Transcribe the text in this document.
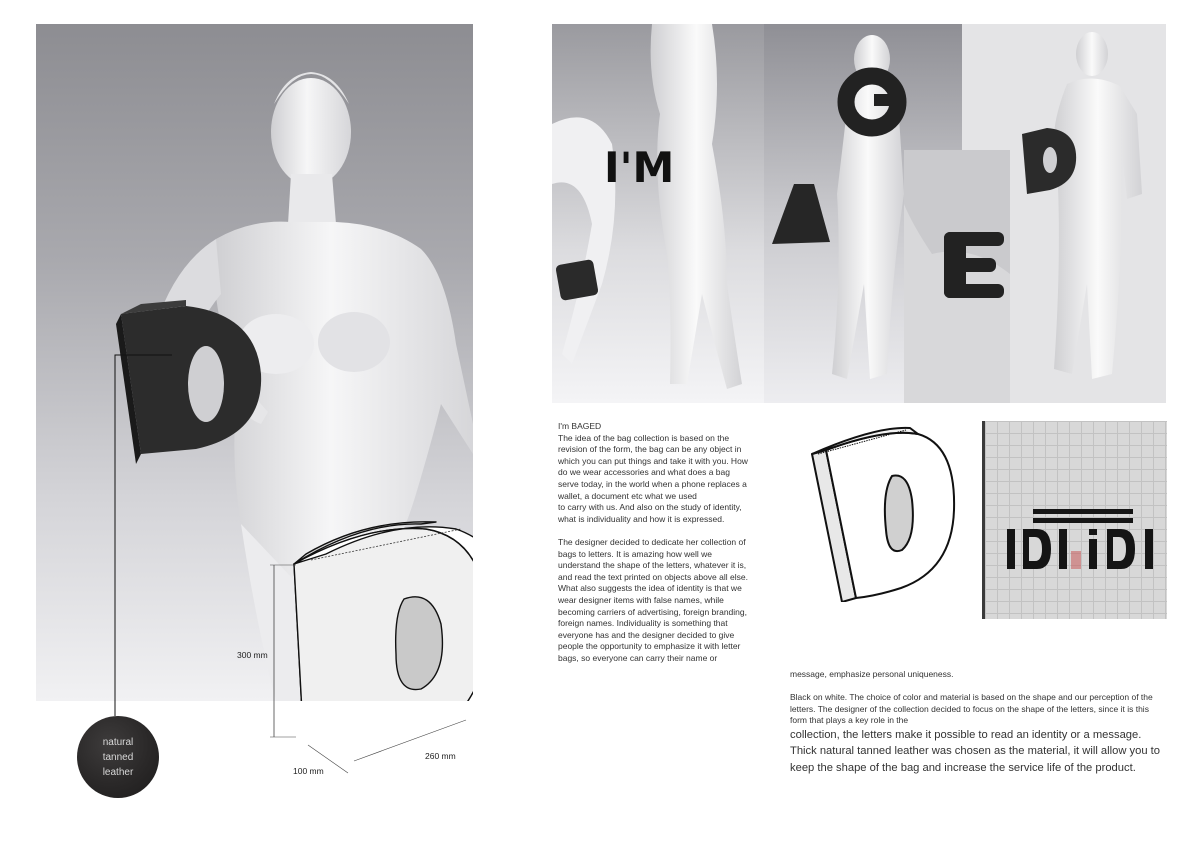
300 mm
100 mm
260 mm
natural
tanned
leather
I'M
I'm BAGED
The idea of the bag collection is based on the revision of the form, the bag can be any object in which you can put things and take it with you. How do we wear accessories and what does a bag serve today, in the world when a phone replaces a wallet, a document etc what we used

to carry with us. And also on the study of identity, what is individuality and how it is expressed.

The designer decided to dedicate her collection of bags to letters. It is amazing how well we understand the shape of the letters, whatever it is, and read the text printed on objects above all else. What also suggests the idea of identity is that we wear designer items with false names, while becoming carriers of advertising, foreign branding,
foreign names. Individuality is something that everyone has and the designer decided to give people the opportunity to emphasize it with letter bags, so everyone can carry their name or

message, emphasize personal uniqueness.

Black on white. The choice of color and material is based on the shape and our perception of the letters. The designer of the collection decided to focus on the shape of the letters, since it is this form that plays a key role in the
collection, the letters make it possible to read an identity or a message. Thick natural tanned leather was chosen as the material, it will allow you to keep the shape of the bag and increase the service life of the product.
